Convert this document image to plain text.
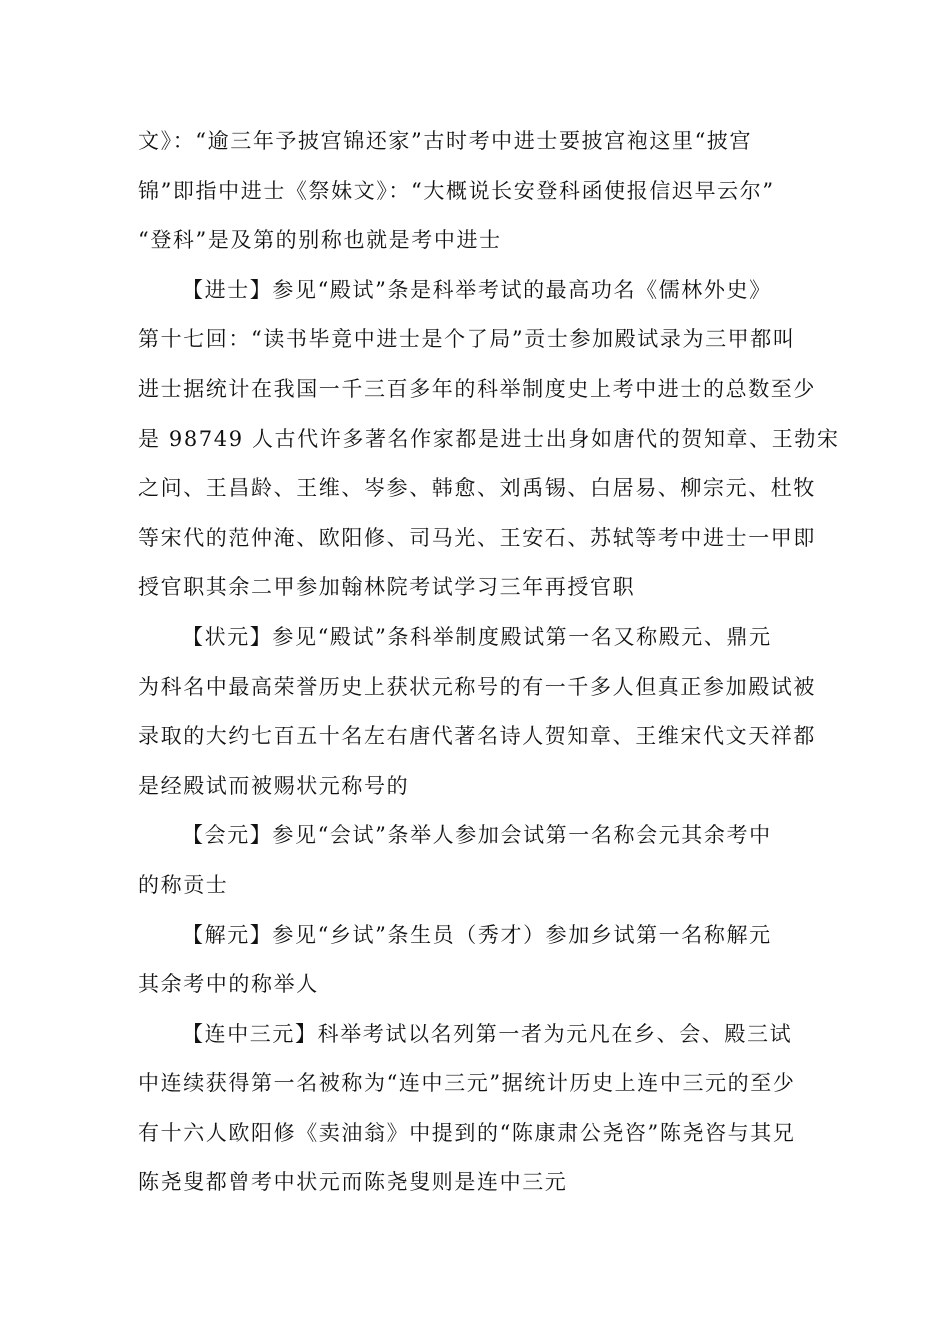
文》：“逾三年予披宫锦还家”古时考中进士要披宫袍这里“披宫
锦”即指中进士《祭妹文》：“大概说长安登科函使报信迟早云尔”
“登科”是及第的别称也就是考中进士
【进士】参见“殿试”条是科举考试的最高功名《儒林外史》
第十七回：“读书毕竟中进士是个了局”贡士参加殿试录为三甲都叫
进士据统计在我国一千三百多年的科举制度史上考中进士的总数至少
是 98749 人古代许多著名作家都是进士出身如唐代的贺知章、王勃宋
之问、王昌龄、王维、岑参、韩愈、刘禹锡、白居易、柳宗元、杜牧
等宋代的范仲淹、欧阳修、司马光、王安石、苏轼等考中进士一甲即
授官职其余二甲参加翰林院考试学习三年再授官职
【状元】参见“殿试”条科举制度殿试第一名又称殿元、鼎元
为科名中最高荣誉历史上获状元称号的有一千多人但真正参加殿试被
录取的大约七百五十名左右唐代著名诗人贺知章、王维宋代文天祥都
是经殿试而被赐状元称号的
【会元】参见“会试”条举人参加会试第一名称会元其余考中
的称贡士
【解元】参见“乡试”条生员（秀才）参加乡试第一名称解元
其余考中的称举人
【连中三元】科举考试以名列第一者为元凡在乡、会、殿三试
中连续获得第一名被称为“连中三元”据统计历史上连中三元的至少
有十六人欧阳修《卖油翁》中提到的“陈康肃公尧咨”陈尧咨与其兄
陈尧叟都曾考中状元而陈尧叟则是连中三元
